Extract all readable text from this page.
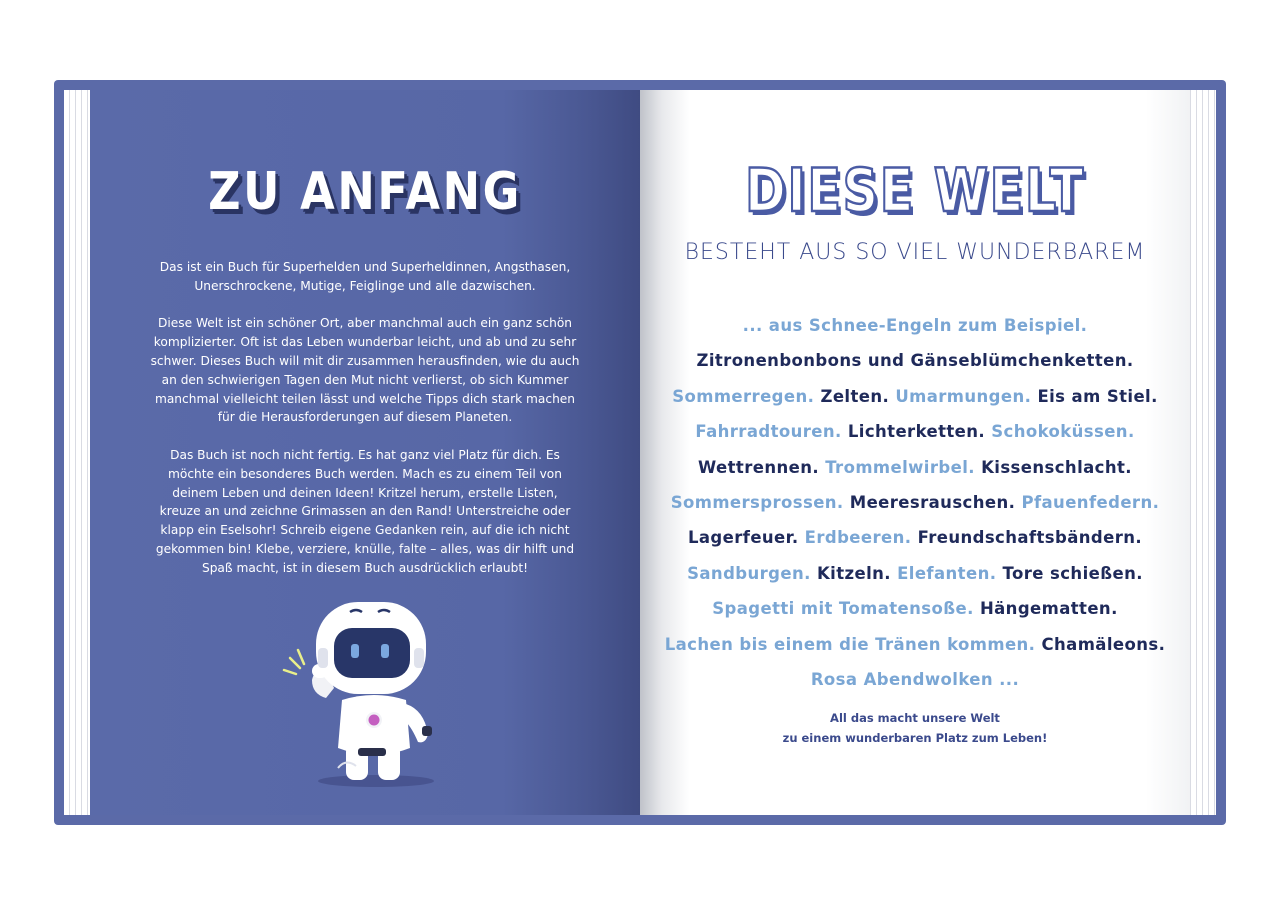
ZU ANFANG

Das ist ein Buch für Superhelden und Superheldinnen, Angsthasen, Unerschrockene, Mutige, Feiglinge und alle dazwischen.

Diese Welt ist ein schöner Ort, aber manchmal auch ein ganz schön komplizierter. Oft ist das Leben wunderbar leicht, und ab und zu sehr schwer. Dieses Buch will mit dir zusammen herausfinden, wie du auch an den schwierigen Tagen den Mut nicht verlierst, ob sich Kummer manchmal vielleicht teilen lässt und welche Tipps dich stark machen für die Herausforderungen auf diesem Planeten.

Das Buch ist noch nicht fertig. Es hat ganz viel Platz für dich. Es möchte ein besonderes Buch werden. Mach es zu einem Teil von deinem Leben und deinen Ideen! Kritzel herum, erstelle Listen, kreuze an und zeichne Grimassen an den Rand! Unterstreiche oder klapp ein Eselsohr! Schreib eigene Gedanken rein, auf die ich nicht gekommen bin! Klebe, verziere, knülle, falte – alles, was dir hilft und Spaß macht, ist in diesem Buch ausdrücklich erlaubt!

DIESE WELT
BESTEHT AUS SO VIEL WUNDERBAREM
... aus Schnee-Engeln zum Beispiel.
Zitronenbonbons und Gänseblümchenketten.
Sommerregen. Zelten. Umarmungen. Eis am Stiel.
Fahrradtouren. Lichterketten. Schokoküssen.
Wettrennen. Trommelwirbel. Kissenschlacht.
Sommersprossen. Meeresrauschen. Pfauenfedern.
Lagerfeuer. Erdbeeren. Freundschaftsbändern.
Sandburgen. Kitzeln. Elefanten. Tore schießen.
Spagetti mit Tomatensoße. Hängematten.
Lachen bis einem die Tränen kommen. Chamäleons.
Rosa Abendwolken ...
All das macht unsere Welt
zu einem wunderbaren Platz zum Leben!
